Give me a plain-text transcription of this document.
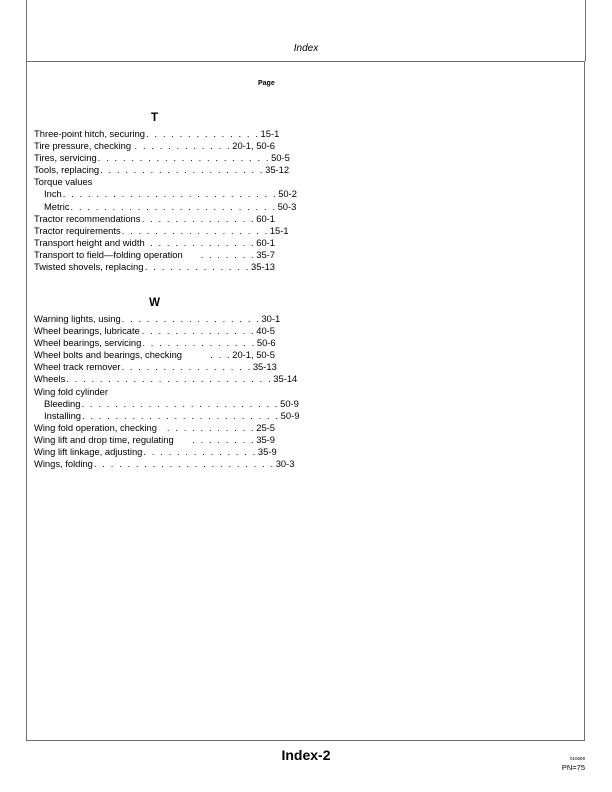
Index
Page
T
Three-point hitch, securing . . . . . . . . . . . . . . 15-1
Tire pressure, checking . . . . . . . . . . . . 20-1, 50-6
Tires, servicing . . . . . . . . . . . . . . . . . . . . . 50-5
Tools, replacing . . . . . . . . . . . . . . . . . . . . 35-12
Torque values
Inch . . . . . . . . . . . . . . . . . . . . . . . . . . 50-2
Metric . . . . . . . . . . . . . . . . . . . . . . . . . 50-3
Tractor recommendations . . . . . . . . . . . . . . 60-1
Tractor requirements . . . . . . . . . . . . . . . . . . 15-1
Transport height and width . . . . . . . . . . . . . 60-1
Transport to field—folding operation	. . . . . . . 35-7
Twisted shovels, replacing . . . . . . . . . . . . . 35-13
W
Warning lights, using . . . . . . . . . . . . . . . . . 30-1
Wheel bearings, lubricate . . . . . . . . . . . . . . 40-5
Wheel bearings, servicing . . . . . . . . . . . . . . 50-6
Wheel bolts and bearings, checking	. . . 20-1, 50-5
Wheel track remover . . . . . . . . . . . . . . . . 35-13
Wheels . . . . . . . . . . . . . . . . . . . . . . . . . 35-14
Wing fold cylinder
Bleeding . . . . . . . . . . . . . . . . . . . . . . . . 50-9
Installing . . . . . . . . . . . . . . . . . . . . . . . . 50-9
Wing fold operation, checking	. . . . . . . . . . . 25-5
Wing lift and drop time, regulating	. . . . . . . . 35-9
Wing lift linkage, adjusting . . . . . . . . . . . . . . 35-9
Wings, folding . . . . . . . . . . . . . . . . . . . . . . 30-3
Index-2	010699
PN=75
